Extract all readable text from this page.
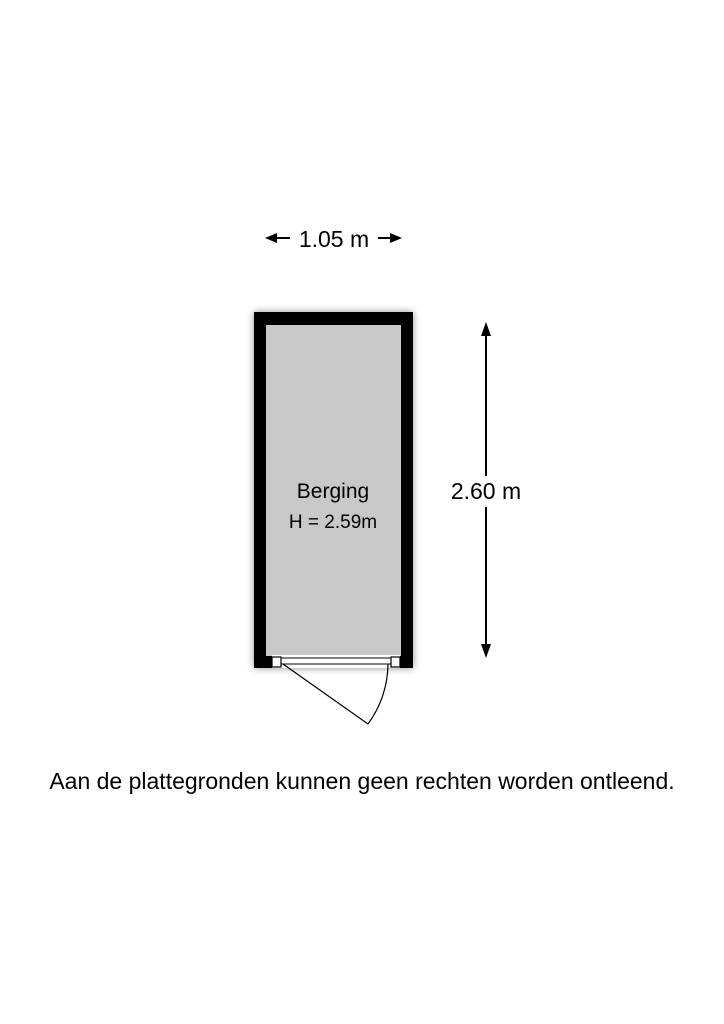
1.05 m
Berging
H = 2.59m
2.60 m
Aan de plattegronden kunnen geen rechten worden ontleend.
